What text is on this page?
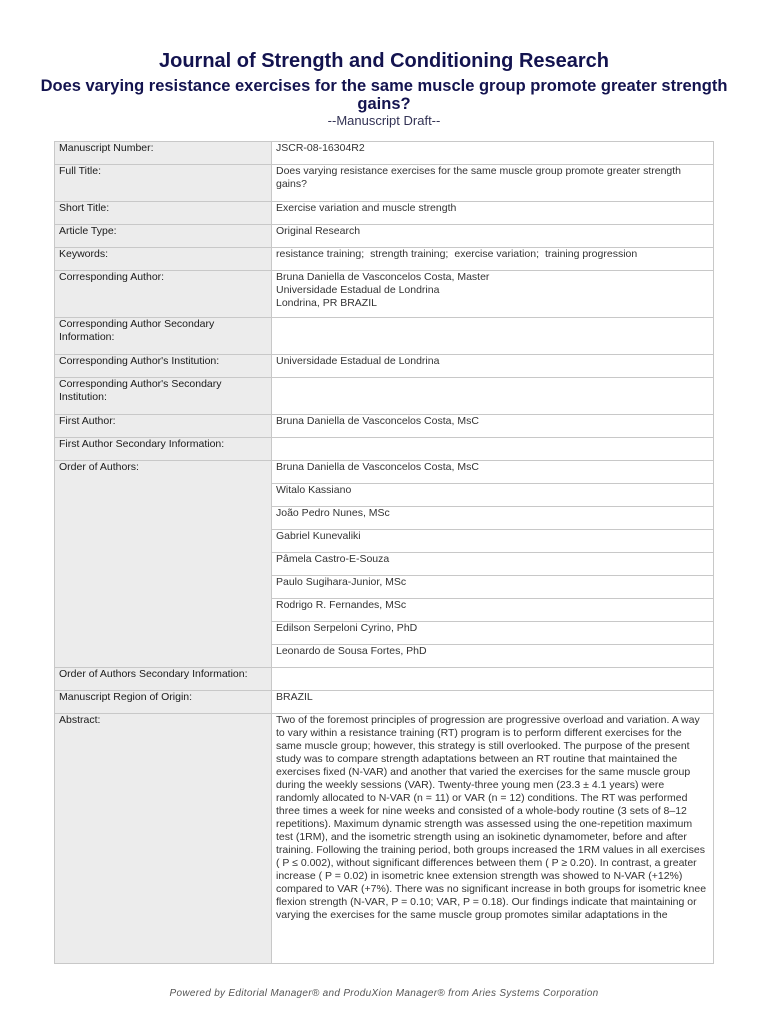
Journal of Strength and Conditioning Research
Does varying resistance exercises for the same muscle group promote greater strength gains?
--Manuscript Draft--
Manuscript Number:	JSCR-08-16304R2
Full Title:	Does varying resistance exercises for the same muscle group promote greater strength gains?
Short Title:	Exercise variation and muscle strength
Article Type:	Original Research
Keywords:	resistance training; strength training; exercise variation; training progression
Corresponding Author:	Bruna Daniella de Vasconcelos Costa, Master
Universidade Estadual de Londrina
Londrina, PR BRAZIL

Corresponding Author Secondary Information:	
Corresponding Author's Institution:	Universidade Estadual de Londrina
Corresponding Author's Secondary Institution:	
First Author:	Bruna Daniella de Vasconcelos Costa, MsC
First Author Secondary Information:	
Order of Authors:	Bruna Daniella de Vasconcelos Costa, MsC
	Witalo Kassiano
	João Pedro Nunes, MSc
	Gabriel Kunevaliki
	Pâmela Castro-E-Souza
	Paulo Sugihara-Junior, MSc
	Rodrigo R. Fernandes, MSc
	Edilson Serpeloni Cyrino, PhD
	Leonardo de Sousa Fortes, PhD
Order of Authors Secondary Information:	
Manuscript Region of Origin:	BRAZIL
Abstract:	Two of the foremost principles of progression are progressive overload and variation. A way to vary within a resistance training (RT) program is to perform different exercises for the same muscle group; however, this strategy is still overlooked. The purpose of the present study was to compare strength adaptations between an RT routine that maintained the exercises fixed (N-VAR) and another that varied the exercises for the same muscle group during the weekly sessions (VAR). Twenty-three young men (23.3 ± 4.1 years) were randomly allocated to N-VAR (n = 11) or VAR (n = 12) conditions. The RT was performed three times a week for nine weeks and consisted of a whole-body routine (3 sets of 8–12 repetitions). Maximum dynamic strength was assessed using the one-repetition maximum test (1RM), and the isometric strength using an isokinetic dynamometer, before and after training. Following the training period, both groups increased the 1RM values in all exercises ( P ≤ 0.002), without significant differences between them ( P ≥ 0.20). In contrast, a greater increase ( P = 0.02) in isometric knee extension strength was showed to N-VAR (+12%) compared to VAR (+7%). There was no significant increase in both groups for isometric knee flexion strength (N-VAR, P = 0.10; VAR, P = 0.18). Our findings indicate that maintaining or varying the exercises for the same muscle group promotes similar adaptations in the
Powered by Editorial Manager® and ProduXion Manager® from Aries Systems Corporation
